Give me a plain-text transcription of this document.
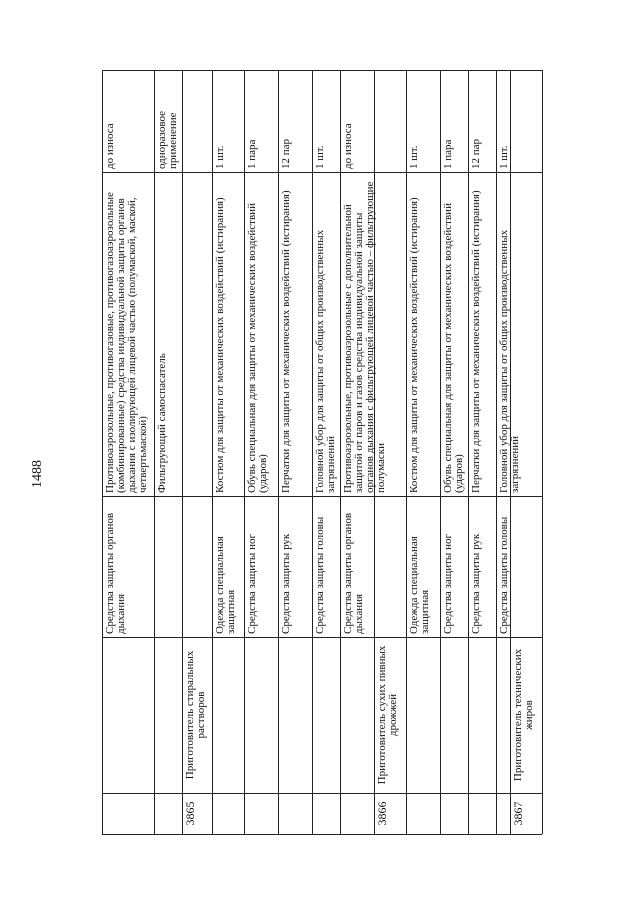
1488
до износа
Противоаэрозольные, противогазовые, противогазоаэрозольные (комбинированные) средства индивидуальной защиты органов дыхания с изолирующей лицевой частью (полумаской, маской, четвертьмаской)
Средства защиты органов дыхания
одноразовое применение
Фильтрующий самоспасатель
Приготовитель стиральных растворов
3865
1 шт.
Костюм для защиты от механических воздействий (истирания)
Одежда специальная защитная
1 пара
Обувь специальная для защиты от механических воздействий (ударов)
Средства защиты ног
12 пар
Перчатки для защиты от механических воздействий (истирания)
Средства защиты рук
1 шт.
Головной убор для защиты от общих производственных загрязнений
Средства защиты головы
до износа
Противоаэрозольные, противоаэрозольные с дополнительной защитой от паров и газов средства индивидуальной защиты органов дыхания с фильтрующей лицевой частью – фильтрующие полумаски
Средства защиты органов дыхания
Приготовитель сухих пивных дрожжей
3866
1 шт.
Костюм для защиты от механических воздействий (истирания)
Одежда специальная защитная
1 пара
Обувь специальная для защиты от механических воздействий (ударов)
Средства защиты ног
12 пар
Перчатки для защиты от механических воздействий (истирания)
Средства защиты рук
1 шт.
Головной убор для защиты от общих производственных загрязнений
Средства защиты головы
Приготовитель технических жиров
3867
